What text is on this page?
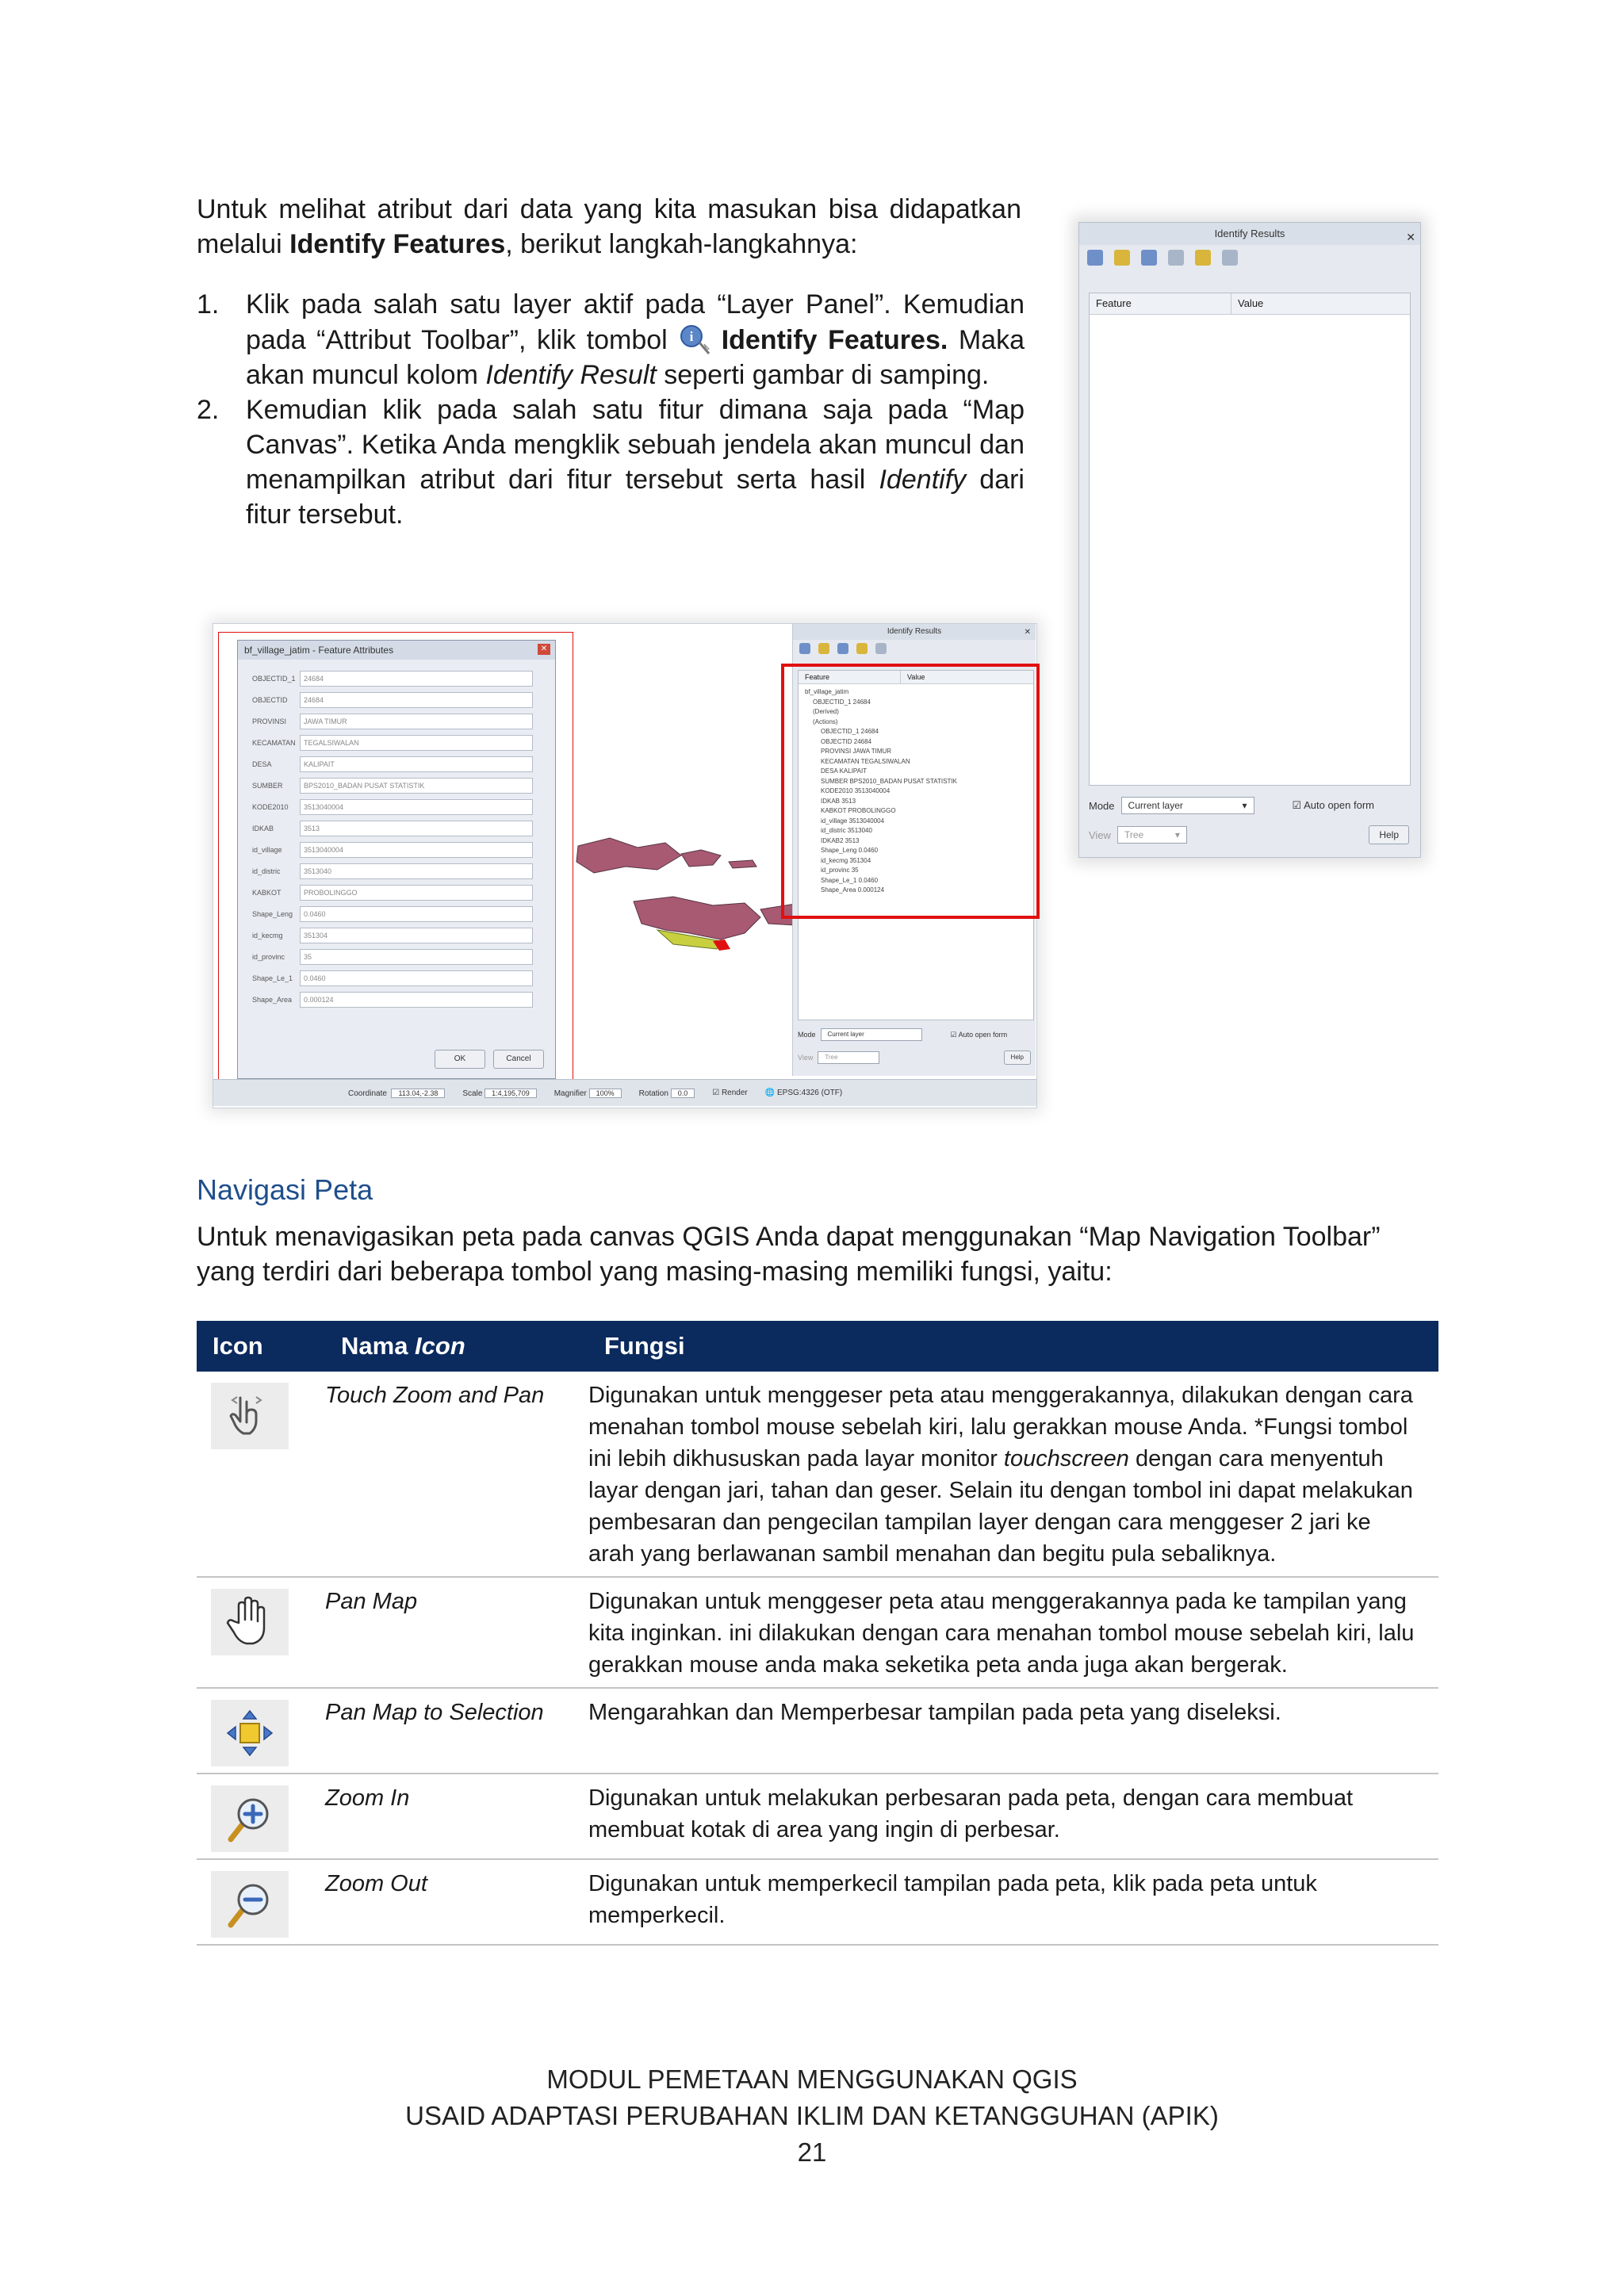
Untuk melihat atribut dari data yang kita masukan bisa didapatkan melalui Identify Features, berikut langkah-langkahnya:
1. Klik pada salah satu layer aktif pada “Layer Panel”. Kemudian pada “Attribut Toolbar”, klik tombol i Identify Features. Maka akan muncul kolom Identify Result seperti gambar di samping.
2. Kemudian klik pada salah satu fitur dimana saja pada “Map Canvas”. Ketika Anda mengklik sebuah jendela akan muncul dan menampilkan atribut dari fitur tersebut serta hasil Identify dari fitur tersebut.
Identify Results	✕
Feature	Value
Mode	Current layer	▾	☑ Auto open form
View	Tree	▾	Help
bf_village_jatim - Feature Attributes	✕
OBJECTID_1	24684
OBJECTID	24684
PROVINSI	JAWA TIMUR
KECAMATAN	TEGALSIWALAN
DESA	KALIPAIT
SUMBER	BPS2010_BADAN PUSAT STATISTIK
KODE2010	3513040004
IDKAB	3513
id_village	3513040004
id_distric	3513040
KABKOT	PROBOLINGGO
Shape_Leng	0.0460
id_kecmg	351304
id_provinc	35
Shape_Le_1	0.0460
Shape_Area	0.000124
OK	Cancel
Identify Results	✕
Feature	Value
bf_village_jatim
OBJECTID_1 24684
(Derived)
(Actions)
OBJECTID_1 24684
OBJECTID 24684
PROVINSI JAWA TIMUR
KECAMATAN TEGALSIWALAN
DESA KALIPAIT
SUMBER BPS2010_BADAN PUSAT STATISTIK
KODE2010 3513040004
IDKAB 3513
KABKOT PROBOLINGGO
id_village 3513040004
id_distric 3513040
IDKAB2 3513
Shape_Leng 0.0460
id_kecmg 351304
id_provinc 35
Shape_Le_1 0.0460
Shape_Area 0.000124
Mode	Current layer	☑ Auto open form
View	Tree	Help
Coordinate 113.04,-2.38	Scale 1:4,195,709	Magnifier 100%	Rotation 0.0	☑ Render 🌐 EPSG:4326 (OTF)
Navigasi Peta
Untuk menavigasikan peta pada canvas QGIS Anda dapat menggunakan “Map Navigation Toolbar” yang terdiri dari beberapa tombol yang masing-masing memiliki fungsi, yaitu:
Icon	Nama Icon	Fungsi

	Touch Zoom and Pan	Digunakan untuk menggeser peta atau menggerakannya, dilakukan dengan cara menahan tombol mouse sebelah kiri, lalu gerakkan mouse Anda. *Fungsi tombol ini lebih dikhususkan pada layar monitor touchscreen dengan cara menyentuh layar dengan jari, tahan dan geser. Selain itu dengan tombol ini dapat melakukan pembesaran dan pengecilan tampilan layer dengan cara menggeser 2 jari ke arah yang berlawanan sambil menahan dan begitu pula sebaliknya.

	Pan Map	Digunakan untuk menggeser peta atau menggerakannya pada ke tampilan yang kita inginkan. ini dilakukan dengan cara menahan tombol mouse sebelah kiri, lalu gerakkan mouse anda maka seketika peta anda juga akan bergerak.

	Pan Map to Selection	Mengarahkan dan Memperbesar tampilan pada peta yang diseleksi.

	Zoom In	Digunakan untuk melakukan perbesaran pada peta, dengan cara membuat membuat kotak di area yang ingin di perbesar.

	Zoom Out	Digunakan untuk memperkecil tampilan pada peta, klik pada peta untuk memperkecil.
MODUL PEMETAAN MENGGUNAKAN QGIS
USAID ADAPTASI PERUBAHAN IKLIM DAN KETANGGUHAN (APIK)
21
